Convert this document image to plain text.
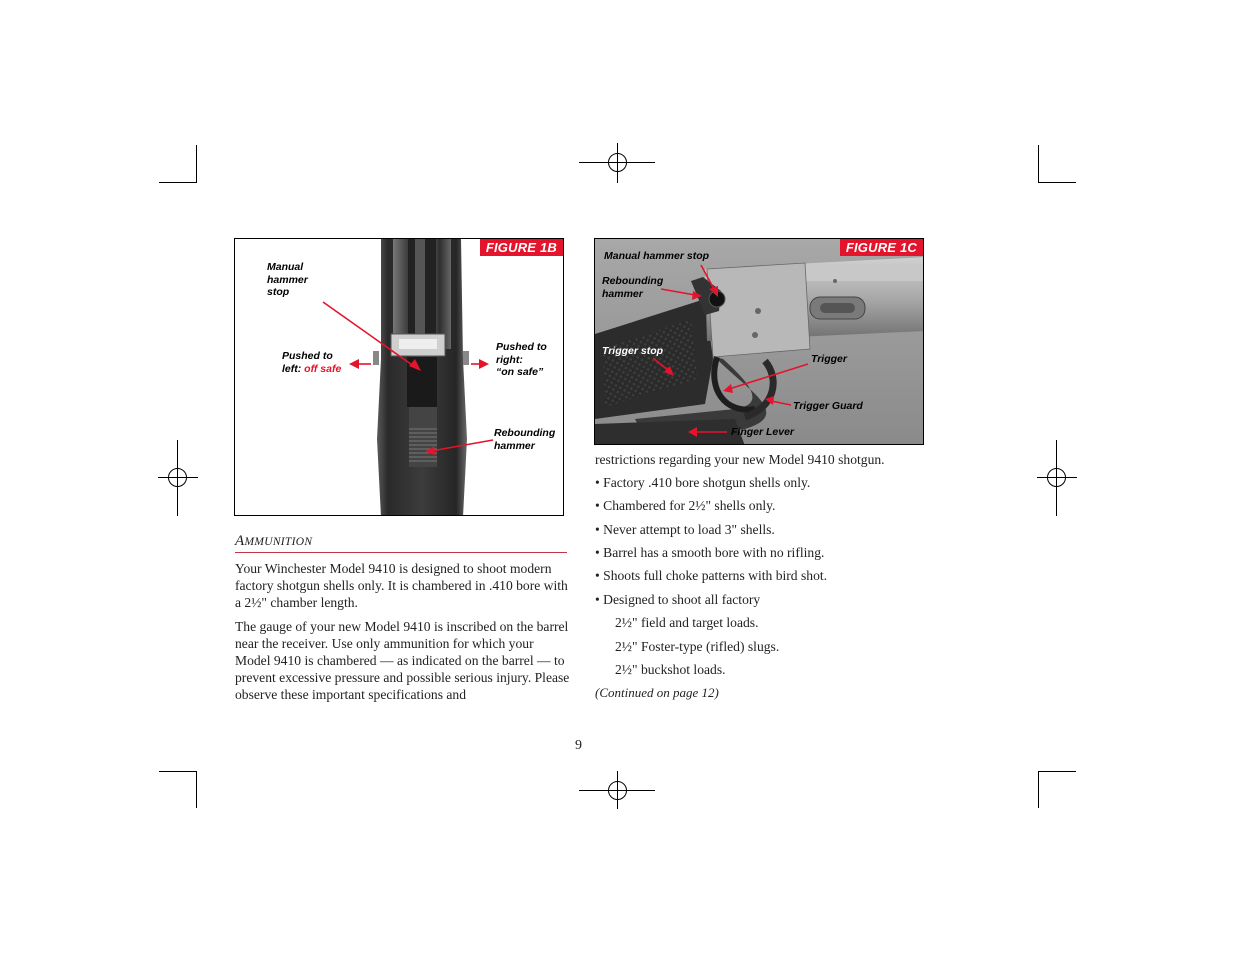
FIGURE 1B
Manual
hammer
stop
Pushed to
left: off safe
Pushed to
right:
“on safe”
Rebounding
hammer
FIGURE 1C
Manual hammer stop
Rebounding
hammer
Trigger stop
Trigger
Trigger Guard
Finger Lever
AMMUNITION
Your Winchester Model 9410 is designed to shoot modern factory shotgun shells only. It is chambered in .410 bore with a 2½" chamber length.
The gauge of your new Model 9410 is inscribed on the barrel near the receiver. Use only ammunition for which your Model 9410 is chambered — as indicated on the barrel — to prevent excessive pressure and possible serious injury. Please observe these important specifications and
restrictions regarding your new Model 9410 shotgun.
• Factory .410 bore shotgun shells only.
• Chambered for 2½" shells only.
• Never attempt to load 3" shells.
• Barrel has a smooth bore with no rifling.
• Shoots full choke patterns with bird shot.
• Designed to shoot all factory
2½" field and target loads.
2½" Foster-type (rifled) slugs.
2½" buckshot loads.
(Continued on page 12)
9
